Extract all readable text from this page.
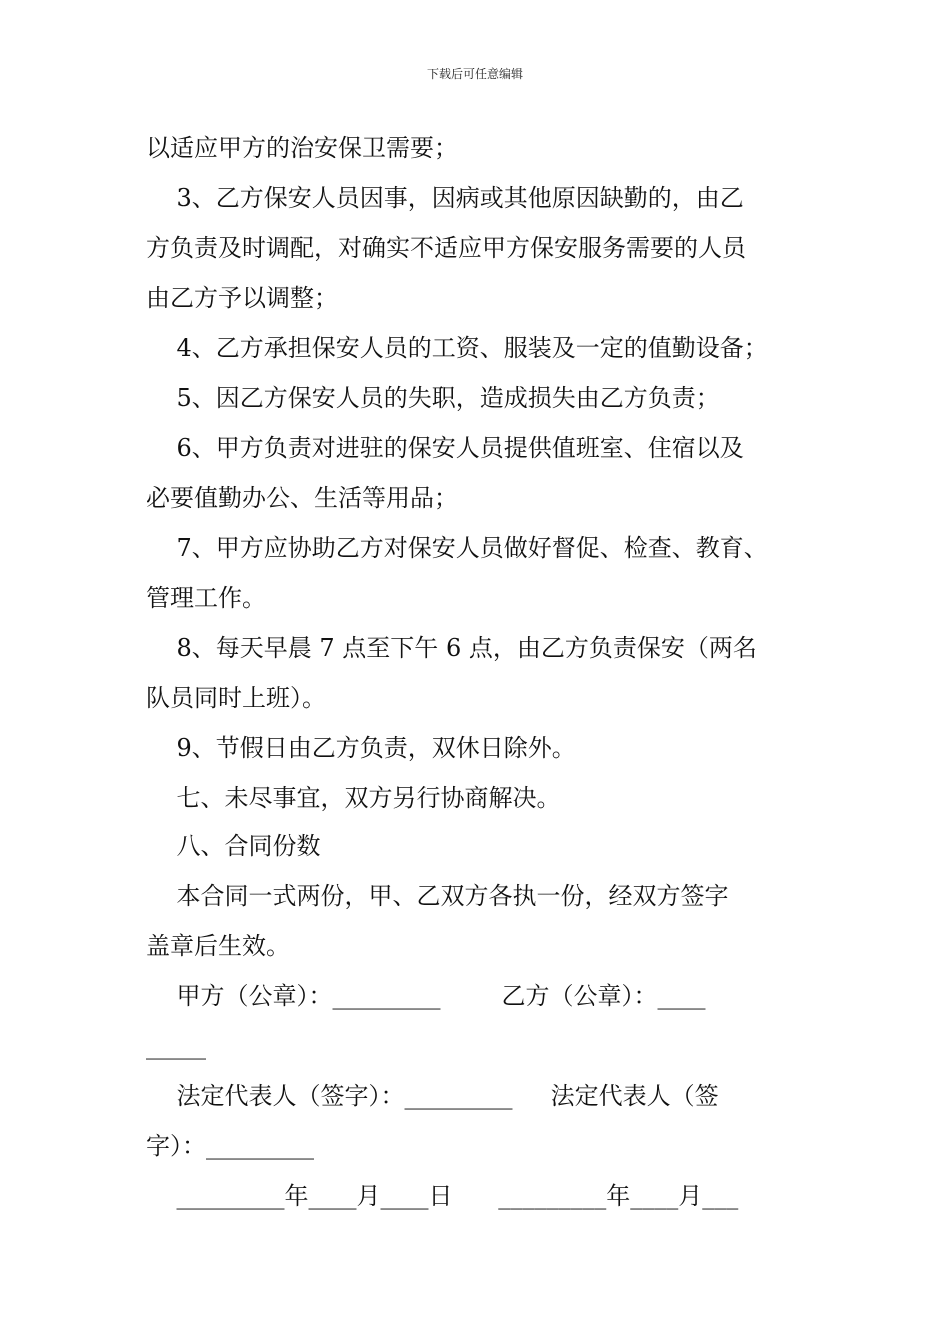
下载后可任意编辑
以适应甲方的治安保卫需要；
3、乙方保安人员因事，因病或其他原因缺勤的，由乙
方负责及时调配，对确实不适应甲方保安服务需要的人员
由乙方予以调整；
4、乙方承担保安人员的工资、服装及一定的值勤设备；
5、因乙方保安人员的失职，造成损失由乙方负责；
6、甲方负责对进驻的保安人员提供值班室、住宿以及
必要值勤办公、生活等用品；
7、甲方应协助乙方对保安人员做好督促、检查、教育、
管理工作。
8、每天早晨 7 点至下午 6 点，由乙方负责保安（两名
队员同时上班）。
9、节假日由乙方负责，双休日除外。
七、未尽事宜，双方另行协商解决。
八、合同份数
本合同一式两份，甲、乙双方各执一份，经双方签字
盖章后生效。
甲方（公章）：_________        乙方（公章）：____
_____
法定代表人（签字）：_________     法定代表人（签
字）：_________
_________年____月____日      _________年____月___
